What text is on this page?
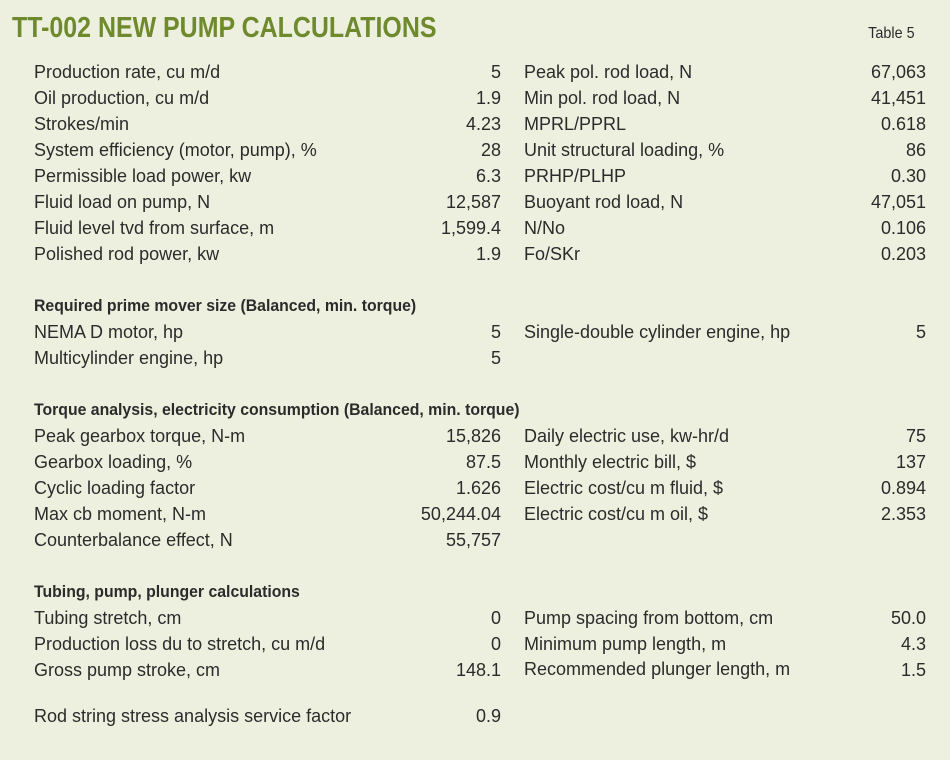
TT-002 NEW PUMP CALCULATIONS	Table 5
Production rate, cu m/d	5 Peak pol. rod load, N	67,063
Oil production, cu m/d	1.9 Min pol. rod load, N	41,451
Strokes/min	4.23 MPRL/PPRL	0.618
System efficiency (motor, pump), %	28 Unit structural loading, %	86
Permissible load power, kw	6.3 PRHP/PLHP	0.30
Fluid load on pump, N	12,587 Buoyant rod load, N	47,051
Fluid level tvd from surface, m	1,599.4 N/No	0.106
Polished rod power, kw	1.9 Fo/SKr	0.203
Required prime mover size (Balanced, min. torque)
NEMA D motor, hp	5 Single-double cylinder engine, hp	5
Multicylinder engine, hp	5
Torque analysis, electricity consumption (Balanced, min. torque)
Peak gearbox torque, N-m	15,826 Daily electric use, kw-hr/d	75
Gearbox loading, %	87.5 Monthly electric bill, $	137
Cyclic loading factor	1.626 Electric cost/cu m fluid, $	0.894
Max cb moment, N-m	50,244.04 Electric cost/cu m oil, $	2.353
Counterbalance effect, N	55,757
Tubing, pump, plunger calculations
Tubing stretch, cm	0 Pump spacing from bottom, cm	50.0
Production loss du to stretch, cu m/d	0 Minimum pump length, m	4.3
Gross pump stroke, cm	148.1 Recommended plunger length, m	1.5
Rod string stress analysis service factor	0.9
